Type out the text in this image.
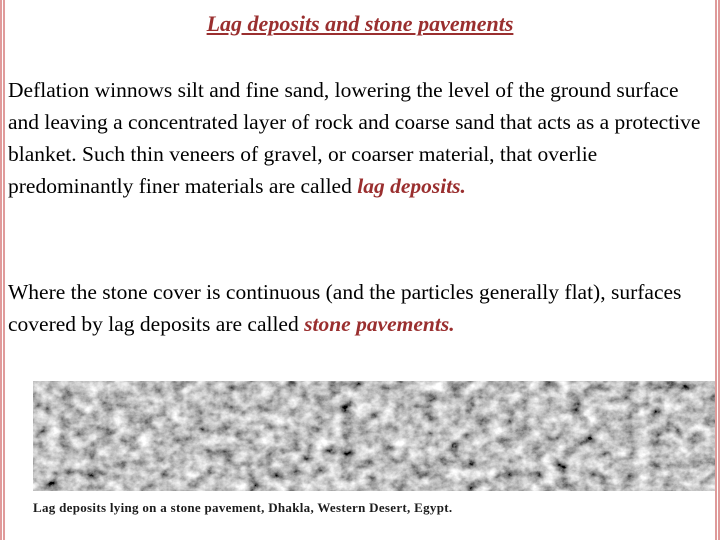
Lag deposits and stone pavements

Deflation winnows silt and fine sand, lowering the level of the ground surface and leaving a concentrated layer of rock and coarse sand that acts as a protective blanket. Such thin veneers of gravel, or coarser material, that overlie predominantly finer materials are called lag deposits.

Where the stone cover is continuous (and the particles generally flat), surfaces covered by lag deposits are called stone pavements.

Lag deposits lying on a stone pavement, Dhakla, Western Desert, Egypt.
